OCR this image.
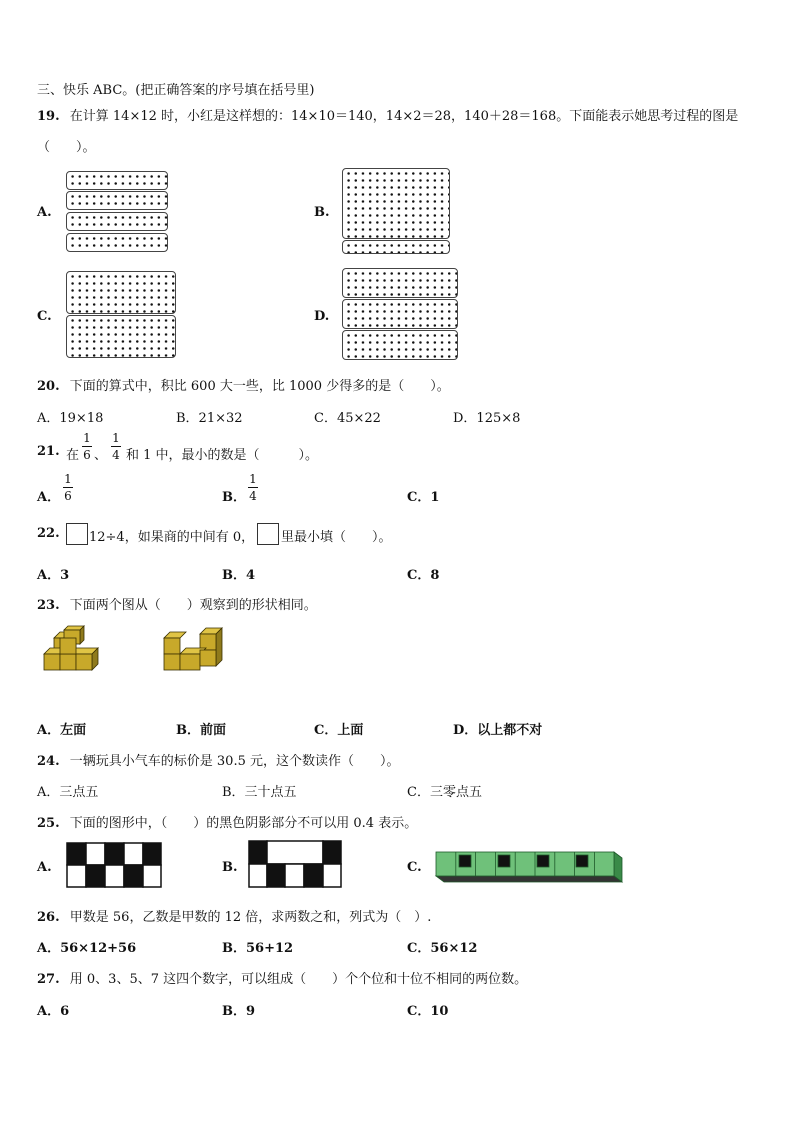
三、快乐 ABC。(把正确答案的序号填在括号里)
19. 在计算 14×12 时，小红是这样想的：14×10＝140，14×2＝28，140＋28＝168。下面能表示她思考过程的图是
（　　）。
A.	B.
C.	D.
20. 下面的算式中，积比 600 大一些，比 1000 少得多的是（　　）。
A．19×18	B．21×32	C．45×22	D．125×8
21. 在
1
6 、
1
4 和 1 中，最小的数是（　　　）。
A．
1
6	B．
1
4	C．1
22. 12÷4，如果商的中间有 0， 里最小填（　　）。
A．3	B．4	C．8
23. 下面两个图从（　　）观察到的形状相同。
A．左面	B．前面	C．上面	D．以上都不对
24. 一辆玩具小气车的标价是 30.5 元，这个数读作（　　）。
A．三点五	B．三十点五	C．三零点五
25. 下面的图形中，（　　）的黑色阴影部分不可以用 0.4 表示。
A.	B.	C.
26. 甲数是 56，乙数是甲数的 12 倍，求两数之和，列式为（　）.
A．56×12+56	B．56+12	C．56×12
27. 用 0、3、5、7 这四个数字，可以组成（　　）个个位和十位不相同的两位数。
A．6	B．9	C．10
